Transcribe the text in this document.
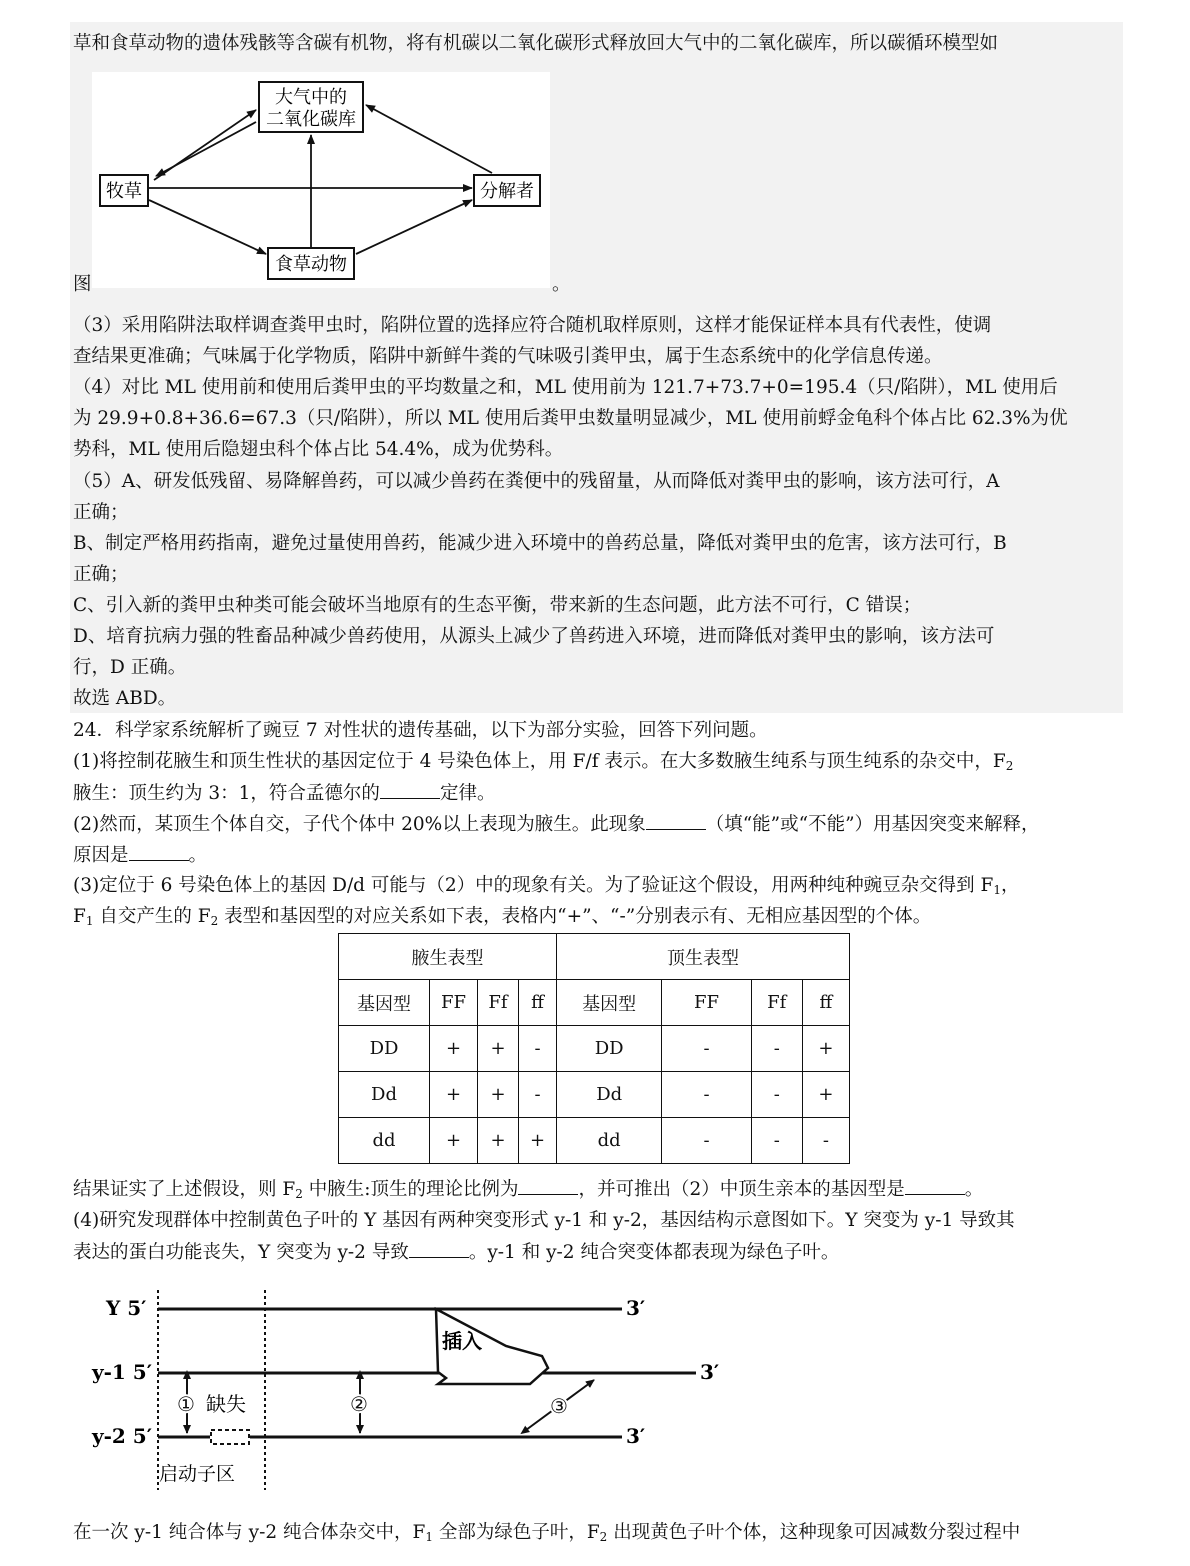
草和食草动物的遗体残骸等含碳有机物，将有机碳以二氧化碳形式释放回大气中的二氧化碳库，所以碳循环模型如
大气中的
二氧化碳库
牧草	分解者
食草动物
图	。
（3）采用陷阱法取样调查粪甲虫时，陷阱位置的选择应符合随机取样原则，这样才能保证样本具有代表性，使调
查结果更准确；气味属于化学物质，陷阱中新鲜牛粪的气味吸引粪甲虫，属于生态系统中的化学信息传递。
（4）对比 ML 使用前和使用后粪甲虫的平均数量之和，ML 使用前为 121.7+73.7+0=195.4（只/陷阱），ML 使用后
为 29.9+0.8+36.6=67.3（只/陷阱），所以 ML 使用后粪甲虫数量明显减少，ML 使用前蜉金龟科个体占比 62.3%为优
势科，ML 使用后隐翅虫科个体占比 54.4%，成为优势科。
（5）A、研发低残留、易降解兽药，可以减少兽药在粪便中的残留量，从而降低对粪甲虫的影响，该方法可行，A
正确；
B、制定严格用药指南，避免过量使用兽药，能减少进入环境中的兽药总量，降低对粪甲虫的危害，该方法可行，B
正确；
C、引入新的粪甲虫种类可能会破坏当地原有的生态平衡，带来新的生态问题，此方法不可行，C 错误；
D、培育抗病力强的牲畜品种减少兽药使用，从源头上减少了兽药进入环境，进而降低对粪甲虫的影响，该方法可
行，D 正确。
故选 ABD。
24．科学家系统解析了豌豆 7 对性状的遗传基础，以下为部分实验，回答下列问题。
(1)将控制花腋生和顶生性状的基因定位于 4 号染色体上，用 F/f 表示。在大多数腋生纯系与顶生纯系的杂交中，$F_2$
腋生：顶生约为 3：1，符合孟德尔的	定律。
(2)然而，某顶生个体自交，子代个体中 20%以上表现为腋生。此现象	（填“能”或“不能”）用基因突变来解释，
原因是	。
(3)定位于 6 号染色体上的基因 D/d 可能与（2）中的现象有关。为了验证这个假设，用两种纯种豌豆杂交得到 $F_1$，
$F_1$ 自交产生的 $F_2$ 表型和基因型的对应关系如下表，表格内“+”、“-”分别表示有、无相应基因型的个体。
腋生表型				顶生表型			
基因型	FF	Ff	ff	基因型	FF	Ff	ff
DD	+	+	-	DD	-	-	+
Dd	+	+	-	Dd	-	-	+
dd	+	+	+	dd	-	-	-
结果证实了上述假设，则 $F_2$ 中腋生:顶生的理论比例为	，并可推出（2）中顶生亲本的基因型是	。
(4)研究发现群体中控制黄色子叶的 Y 基因有两种突变形式 y-1 和 y-2，基因结构示意图如下。Y 突变为 y-1 导致其
表达的蛋白功能丧失，Y 突变为 y-2 导致	。y-1 和 y-2 纯合突变体都表现为绿色子叶。
Y 5′
y-1 5′
y-2 5′
3′
3′
3′
插入
启动子区
① 缺失	②	③
在一次 y-1 纯合体与 y-2 纯合体杂交中，$F_1$ 全部为绿色子叶，$F_2$ 出现黄色子叶个体，这种现象可因减数分裂过程中
